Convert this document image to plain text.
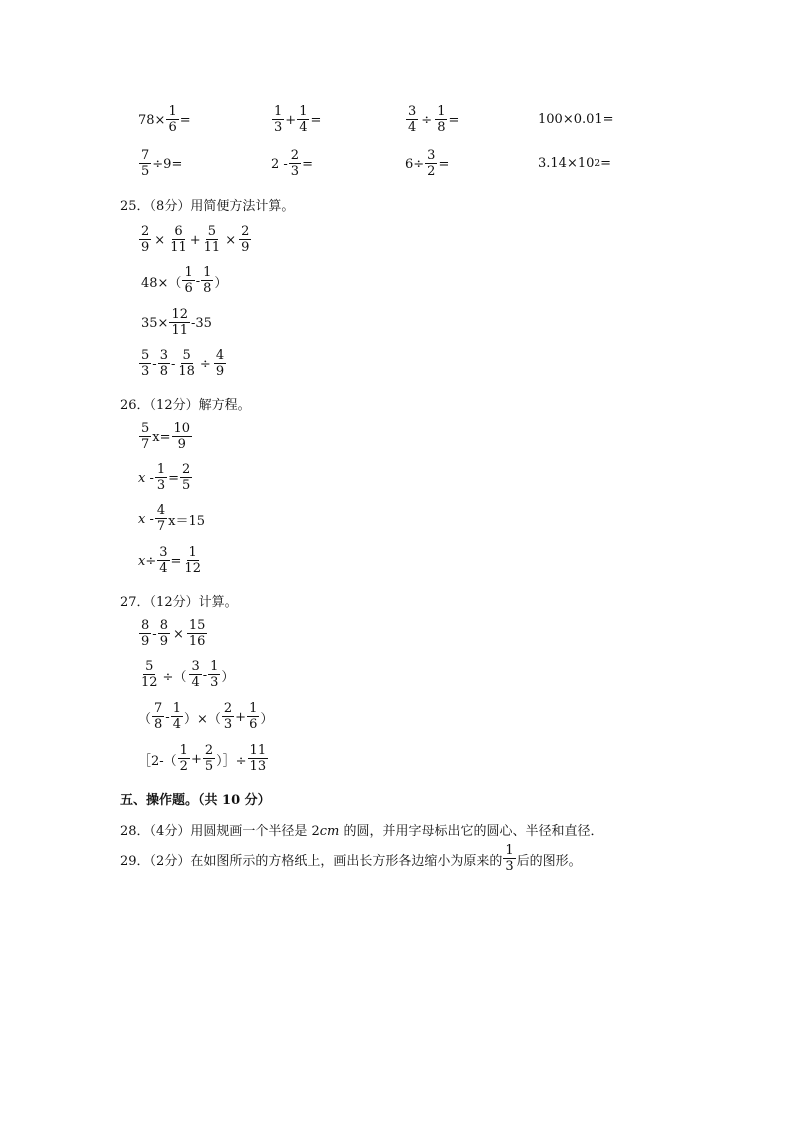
$78\times \frac{1}{6}$ =	$\frac{1}{3} + \frac{1}{4}$ =	$\frac{3}{4} \div \frac{1}{8}$ =	100×0.01=
$\frac{7}{5} \div 9=$	$2 - \frac{2}{3}$ =	$6\div \frac{3}{2}$ =	3.14×10 2 =
25．（8分）用简便方法计算。
$\frac{2}{9} \times \frac{6}{11} + \frac{5}{11} \times \frac{2}{9}$
$48\times( \frac{1}{6} - \frac{1}{8}$ ）
$35\times \frac{12}{11} -35$
$\frac{5}{3} - \frac{3}{8} - \frac{5}{18} \div \frac{4}{9}$
26．（12分）解方程。
$\frac{5}{7} x= \frac{10}{9}$
$x - \frac{1}{3} = \frac{2}{5}$
$x - \frac{4}{7} x=15$
$x\div \frac{3}{4} = \frac{1}{12}$
27．（12分）计算。
$\frac{8}{9} - \frac{8}{9} \times \frac{15}{16}$
$\frac{5}{12}$ ÷（ $\frac{3}{4} - \frac{1}{3}$ ）
（ $\frac{7}{8} - \frac{1}{4}$ ）×（ $\frac{2}{3} + \frac{1}{6}$ ）
［2-（ $\frac{1}{2} + \frac{2}{5}$ ）］÷ $\frac{11}{13}$
五、操作题。（共 10 分）
28．（4分）用圆规画一个半径是 2cm 的圆，并用字母标出它的圆心、半径和直径．
29．（2分）在如图所示的方格纸上，画出长方形各边缩小为原来的 $\frac{1}{3}$ 后的图形。
